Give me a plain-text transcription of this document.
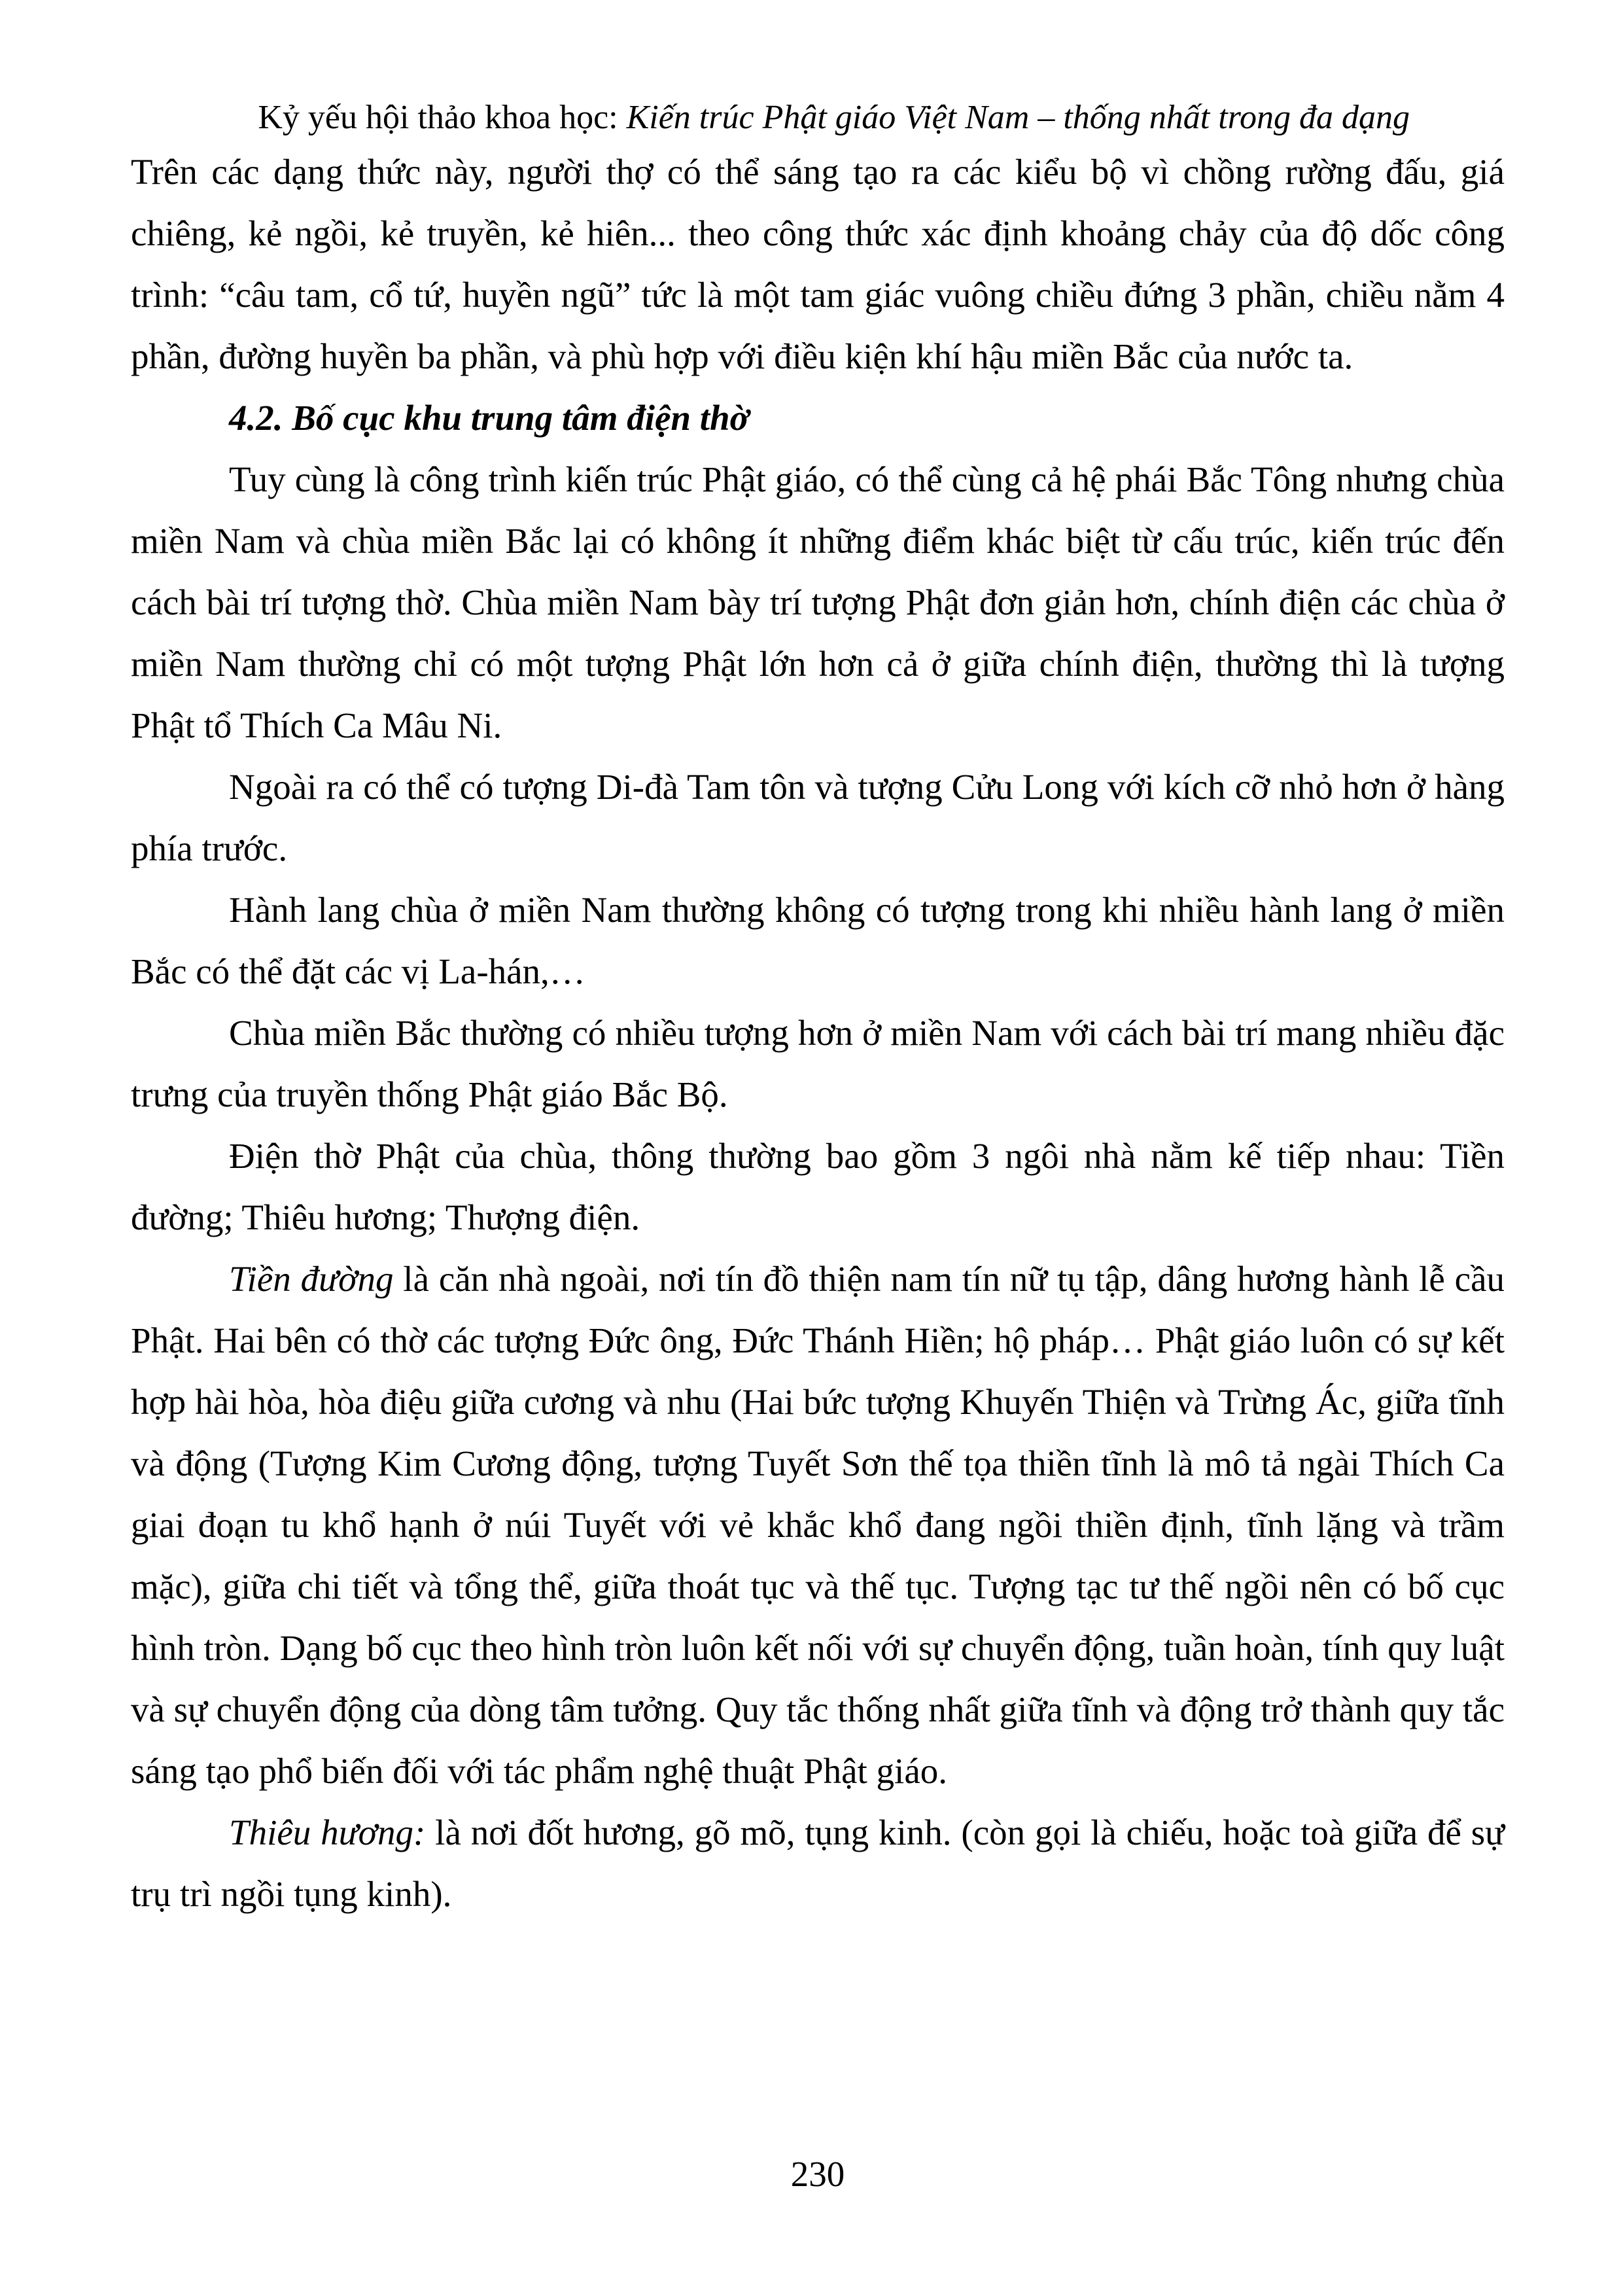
Kỷ yếu hội thảo khoa học: Kiến trúc Phật giáo Việt Nam – thống nhất trong đa dạng

Trên các dạng thức này, người thợ có thể sáng tạo ra các kiểu bộ vì chồng rường đấu, giá chiêng, kẻ ngồi, kẻ truyền, kẻ hiên... theo công thức xác định khoảng chảy của độ dốc công trình: “câu tam, cổ tứ, huyền ngũ” tức là một tam giác vuông chiều đứng 3 phần, chiều nằm 4 phần, đường huyền ba phần, và phù hợp với điều kiện khí hậu miền Bắc của nước ta.

4.2. Bố cục khu trung tâm điện thờ

Tuy cùng là công trình kiến trúc Phật giáo, có thể cùng cả hệ phái Bắc Tông nhưng chùa miền Nam và chùa miền Bắc lại có không ít những điểm khác biệt từ cấu trúc, kiến trúc đến cách bài trí tượng thờ. Chùa miền Nam bày trí tượng Phật đơn giản hơn, chính điện các chùa ở miền Nam thường chỉ có một tượng Phật lớn hơn cả ở giữa chính điện, thường thì là tượng Phật tổ Thích Ca Mâu Ni.

Ngoài ra có thể có tượng Di-đà Tam tôn và tượng Cửu Long với kích cỡ nhỏ hơn ở hàng phía trước.

Hành lang chùa ở miền Nam thường không có tượng trong khi nhiều hành lang ở miền Bắc có thể đặt các vị La-hán,…

Chùa miền Bắc thường có nhiều tượng hơn ở miền Nam với cách bài trí mang nhiều đặc trưng của truyền thống Phật giáo Bắc Bộ.

Điện thờ Phật của chùa, thông thường bao gồm 3 ngôi nhà nằm kế tiếp nhau: Tiền đường; Thiêu hương; Thượng điện.

Tiền đường là căn nhà ngoài, nơi tín đồ thiện nam tín nữ tụ tập, dâng hương hành lễ cầu Phật. Hai bên có thờ các tượng Đức ông, Đức Thánh Hiền; hộ pháp… Phật giáo luôn có sự kết hợp hài hòa, hòa điệu giữa cương và nhu (Hai bức tượng Khuyến Thiện và Trừng Ác, giữa tĩnh và động (Tượng Kim Cương động, tượng Tuyết Sơn thế tọa thiền tĩnh là mô tả ngài Thích Ca giai đoạn tu khổ hạnh ở núi Tuyết với vẻ khắc khổ đang ngồi thiền định, tĩnh lặng và trầm mặc), giữa chi tiết và tổng thể, giữa thoát tục và thế tục. Tượng tạc tư thế ngồi nên có bố cục hình tròn. Dạng bố cục theo hình tròn luôn kết nối với sự chuyển động, tuần hoàn, tính quy luật và sự chuyển động của dòng tâm tưởng. Quy tắc thống nhất giữa tĩnh và động trở thành quy tắc sáng tạo phổ biến đối với tác phẩm nghệ thuật Phật giáo.

Thiêu hương: là nơi đốt hương, gõ mõ, tụng kinh. (còn gọi là chiếu, hoặc toà giữa để sự trụ trì ngồi tụng kinh).

230
